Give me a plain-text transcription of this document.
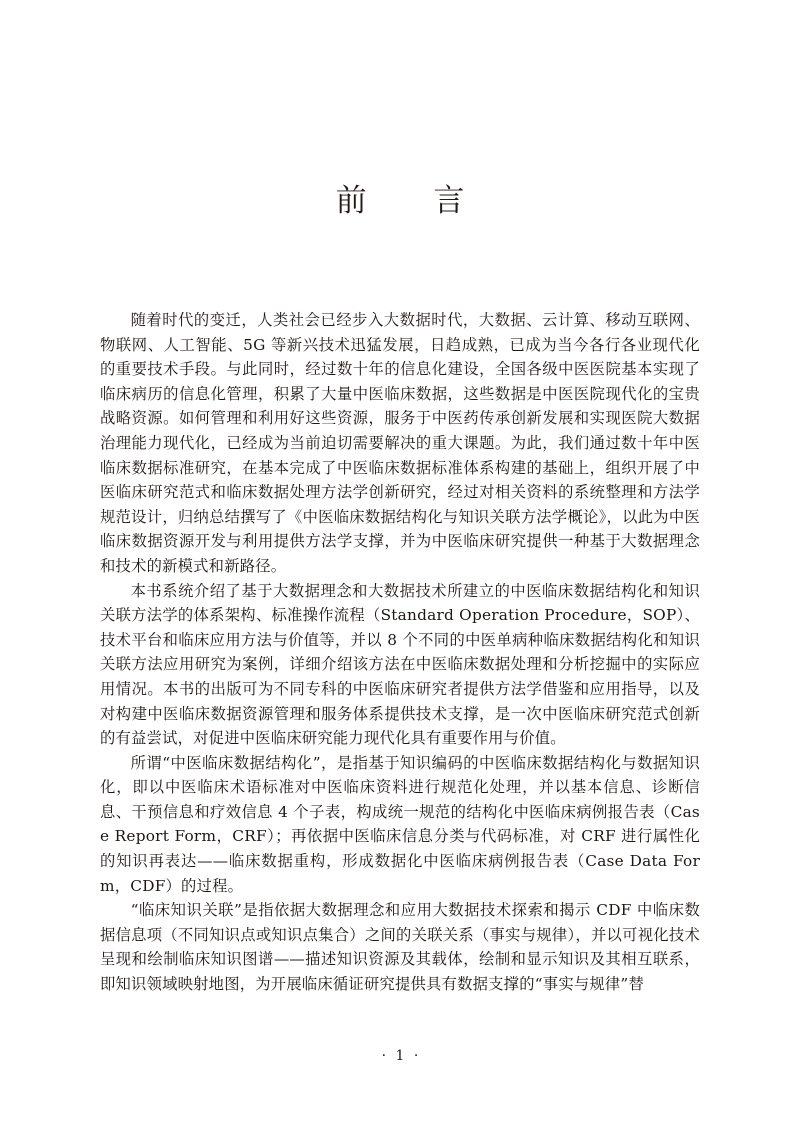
前   言

随着时代的变迁，人类社会已经步入大数据时代，大数据、云计算、移动互联网、物联网、人工智能、5G 等新兴技术迅猛发展，日趋成熟，已成为当今各行各业现代化的重要技术手段。与此同时，经过数十年的信息化建设，全国各级中医医院基本实现了临床病历的信息化管理，积累了大量中医临床数据，这些数据是中医医院现代化的宝贵战略资源。如何管理和利用好这些资源，服务于中医药传承创新发展和实现医院大数据治理能力现代化，已经成为当前迫切需要解决的重大课题。为此，我们通过数十年中医临床数据标准研究，在基本完成了中医临床数据标准体系构建的基础上，组织开展了中医临床研究范式和临床数据处理方法学创新研究，经过对相关资料的系统整理和方法学规范设计，归纳总结撰写了《中医临床数据结构化与知识关联方法学概论》，以此为中医临床数据资源开发与利用提供方法学支撑，并为中医临床研究提供一种基于大数据理念和技术的新模式和新路径。

本书系统介绍了基于大数据理念和大数据技术所建立的中医临床数据结构化和知识关联方法学的体系架构、标准操作流程（Standard Operation Procedure，SOP）、技术平台和临床应用方法与价值等，并以 8 个不同的中医单病种临床数据结构化和知识关联方法应用研究为案例，详细介绍该方法在中医临床数据处理和分析挖掘中的实际应用情况。本书的出版可为不同专科的中医临床研究者提供方法学借鉴和应用指导，以及对构建中医临床数据资源管理和服务体系提供技术支撑，是一次中医临床研究范式创新的有益尝试，对促进中医临床研究能力现代化具有重要作用与价值。

所谓“中医临床数据结构化”，是指基于知识编码的中医临床数据结构化与数据知识化，即以中医临床术语标准对中医临床资料进行规范化处理，并以基本信息、诊断信息、干预信息和疗效信息 4 个子表，构成统一规范的结构化中医临床病例报告表（Case Report Form，CRF）；再依据中医临床信息分类与代码标准，对 CRF 进行属性化的知识再表达——临床数据重构，形成数据化中医临床病例报告表（Case Data Form，CDF）的过程。

“临床知识关联”是指依据大数据理念和应用大数据技术探索和揭示 CDF 中临床数据信息项（不同知识点或知识点集合）之间的关联关系（事实与规律），并以可视化技术呈现和绘制临床知识图谱——描述知识资源及其载体，绘制和显示知识及其相互联系，即知识领域映射地图，为开展临床循证研究提供具有数据支撑的“事实与规律”替

· 1 ·
